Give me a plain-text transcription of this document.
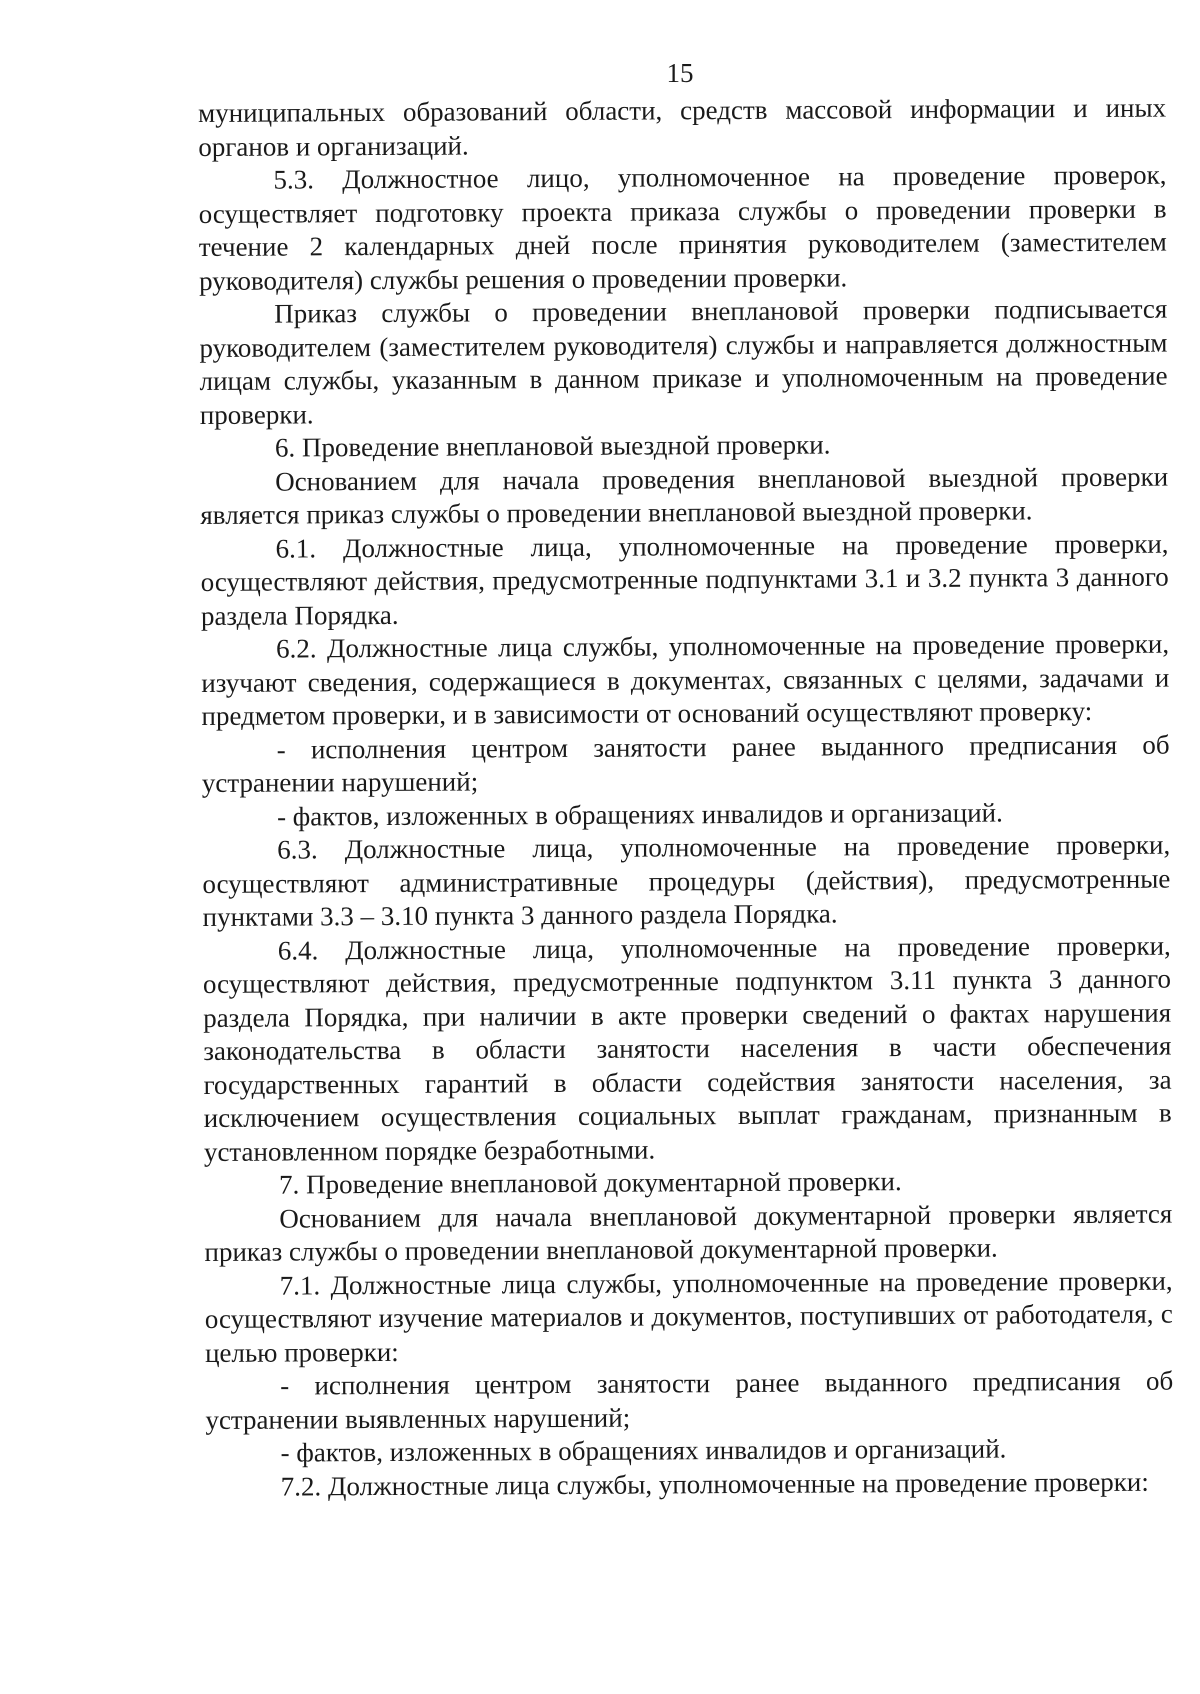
15

муниципальных образований области, средств массовой информации и иных органов и организаций.

5.3. Должностное лицо, уполномоченное на проведение проверок, осуществляет подготовку проекта приказа службы о проведении проверки в течение 2 календарных дней после принятия руководителем (заместителем руководителя) службы решения о проведении проверки.

Приказ службы о проведении внеплановой проверки подписывается руководителем (заместителем руководителя) службы и направляется должностным лицам службы, указанным в данном приказе и уполномоченным на проведение проверки.

6. Проведение внеплановой выездной проверки.

Основанием для начала проведения внеплановой выездной проверки является приказ службы о проведении внеплановой выездной проверки.

6.1. Должностные лица, уполномоченные на проведение проверки, осуществляют действия, предусмотренные подпунктами 3.1 и 3.2 пункта 3 данного раздела Порядка.

6.2. Должностные лица службы, уполномоченные на проведение проверки, изучают сведения, содержащиеся в документах, связанных с целями, задачами и предметом проверки, и в зависимости от оснований осуществляют проверку:

- исполнения центром занятости ранее выданного предписания об устранении нарушений;

- фактов, изложенных в обращениях инвалидов и организаций.

6.3. Должностные лица, уполномоченные на проведение проверки, осуществляют административные процедуры (действия), предусмотренные пунктами 3.3 – 3.10 пункта 3 данного раздела Порядка.

6.4. Должностные лица, уполномоченные на проведение проверки, осуществляют действия, предусмотренные подпунктом 3.11 пункта 3 данного раздела Порядка, при наличии в акте проверки сведений о фактах нарушения законодательства в области занятости населения в части обеспечения государственных гарантий в области содействия занятости населения, за исключением осуществления социальных выплат гражданам, признанным в установленном порядке безработными.

7. Проведение внеплановой документарной проверки.

Основанием для начала внеплановой документарной проверки является приказ службы о проведении внеплановой документарной проверки.

7.1. Должностные лица службы, уполномоченные на проведение проверки, осуществляют изучение материалов и документов, поступивших от работодателя, с целью проверки:

- исполнения центром занятости ранее выданного предписания об устранении выявленных нарушений;

- фактов, изложенных в обращениях инвалидов и организаций.

7.2. Должностные лица службы, уполномоченные на проведение проверки:
